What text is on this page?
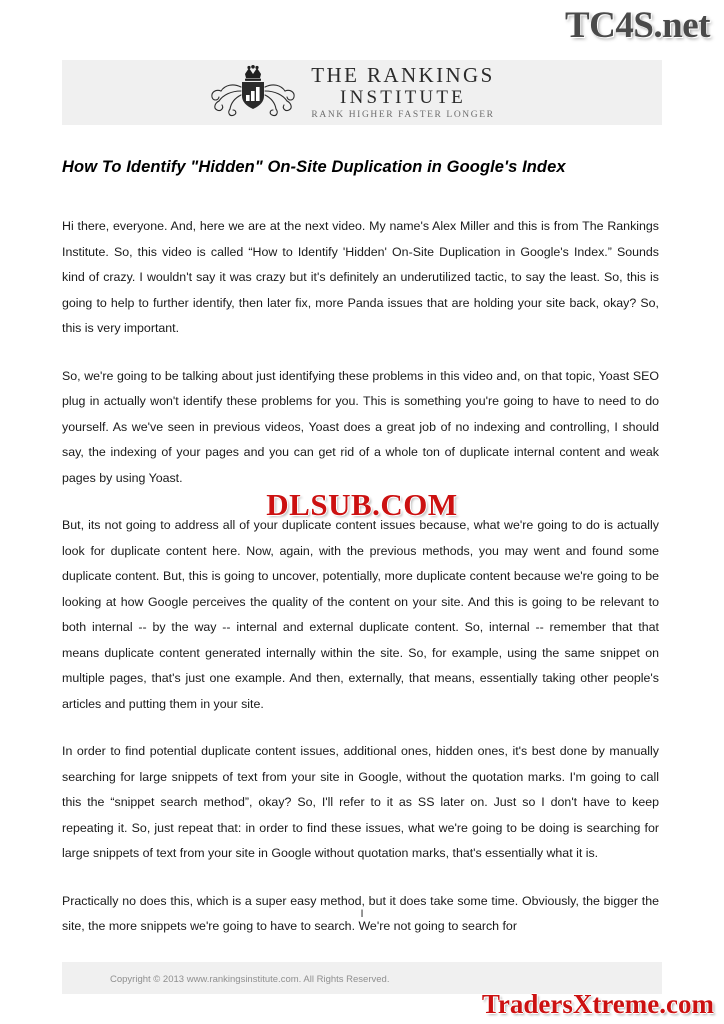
TC4S.net
THE RANKINGS
INSTITUTE
RANK HIGHER FASTER LONGER
How To Identify "Hidden" On-Site Duplication in Google's Index

Hi there, everyone. And, here we are at the next video. My name's Alex Miller and this is from The Rankings Institute. So, this video is called “How to Identify 'Hidden' On-Site Duplication in Google's Index.” Sounds kind of crazy. I wouldn't say it was crazy but it's definitely an underutilized tactic, to say the least. So, this is going to help to further identify, then later fix, more Panda issues that are holding your site back, okay? So, this is very important.

So, we're going to be talking about just identifying these problems in this video and, on that topic, Yoast SEO plug in actually won't identify these problems for you. This is something you're going to have to need to do yourself. As we've seen in previous videos, Yoast does a great job of no indexing and controlling, I should say, the indexing of your pages and you can get rid of a whole ton of duplicate internal content and weak pages by using Yoast.

But, its not going to address all of your duplicate content issues because, what we're going to do is actually look for duplicate content here. Now, again, with the previous methods, you may went and found some duplicate content. But, this is going to uncover, potentially, more duplicate content because we're going to be looking at how Google perceives the quality of the content on your site. And this is going to be relevant to both internal -- by the way -- internal and external duplicate content. So, internal -- remember that that means duplicate content generated internally within the site. So, for example, using the same snippet on multiple pages, that's just one example. And then, externally, that means, essentially taking other people's articles and putting them in your site.

In order to find potential duplicate content issues, additional ones, hidden ones, it's best done by manually searching for large snippets of text from your site in Google, without the quotation marks. I'm going to call this the “snippet search method”, okay? So, I'll refer to it as SS later on. Just so I don't have to keep repeating it. So, just repeat that: in order to find these issues, what we're going to be doing is searching for large snippets of text from your site in Google without quotation marks, that's essentially what it is.

Practically no does this, which is a super easy method, but it does take some time. Obviously, the bigger the site, the more snippets we're going to have to search. We're not going to search for

DLSUB.COM
I
Copyright © 2013 www.rankingsinstitute.com. All Rights Reserved.
TradersXtreme.com
